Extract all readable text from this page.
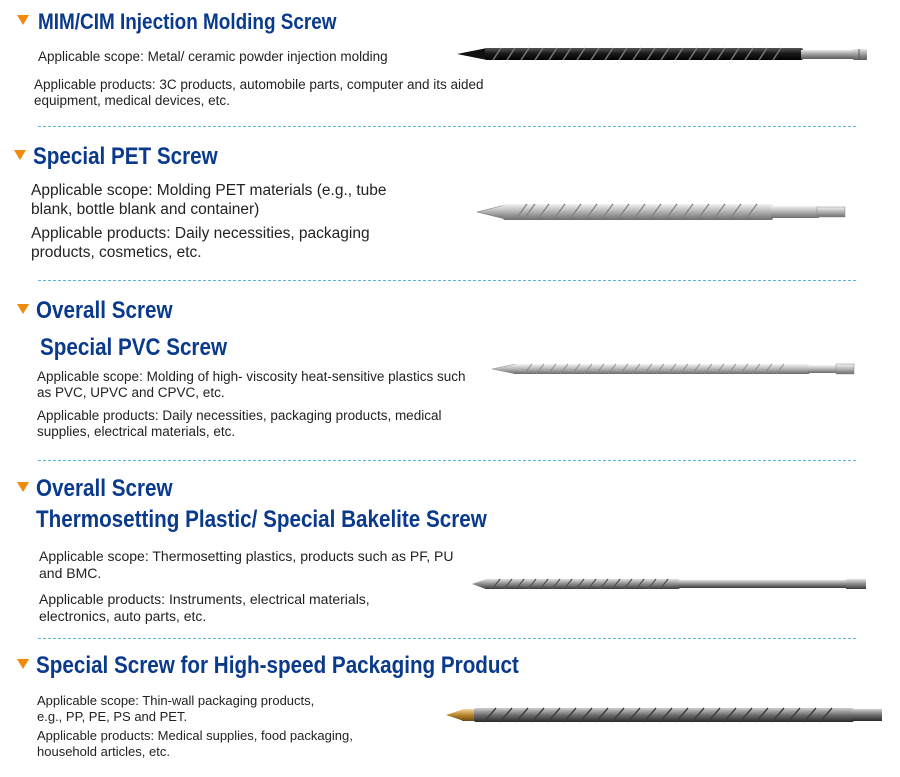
MIM/CIM Injection Molding Screw

Applicable scope: Metal/ ceramic powder injection molding

Applicable products: 3C products, automobile parts, computer and its aided equipment, medical devices, etc.

Special PET Screw

Applicable scope: Molding PET materials (e.g., tube blank, bottle blank and container)

Applicable products: Daily necessities, packaging products, cosmetics, etc.

Overall Screw
Special PVC Screw

Applicable scope: Molding of high- viscosity heat-sensitive plastics such as PVC, UPVC and CPVC, etc.

Applicable products: Daily necessities, packaging products, medical supplies, electrical materials, etc.

Overall Screw
Thermosetting Plastic/ Special Bakelite Screw

Applicable scope: Thermosetting plastics, products such as PF, PU and BMC.

Applicable products: Instruments, electrical materials, electronics, auto parts, etc.

Special Screw for High-speed Packaging Product

Applicable scope: Thin-wall packaging products, e.g., PP, PE, PS and PET.

Applicable products: Medical supplies, food packaging, household articles, etc.
